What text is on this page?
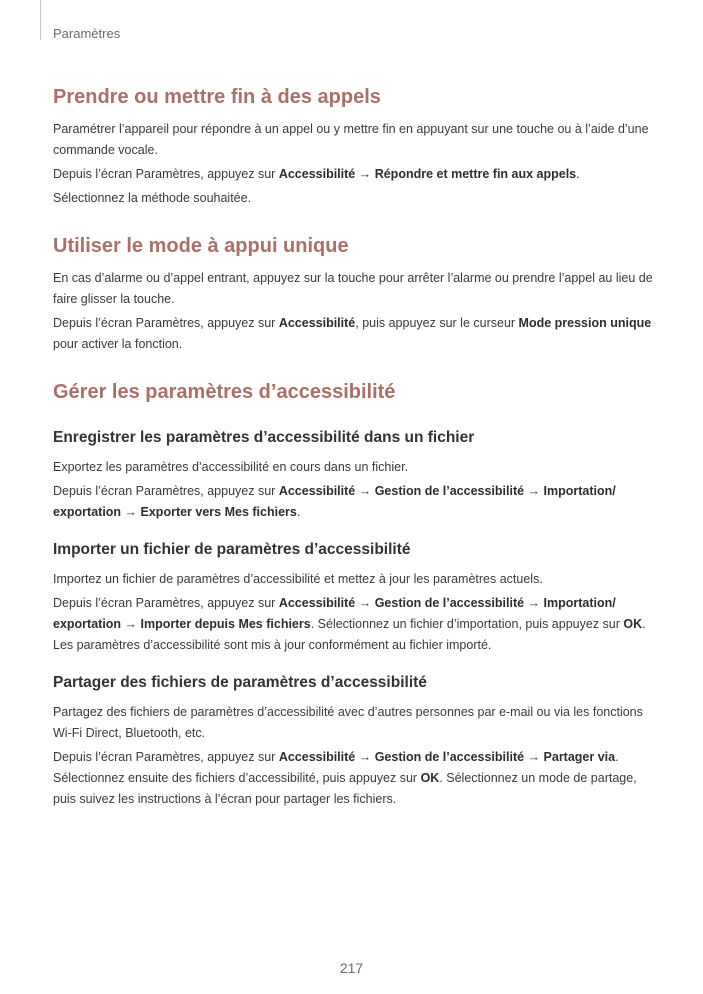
Paramètres
Prendre ou mettre fin à des appels

Paramétrer l’appareil pour répondre à un appel ou y mettre fin en appuyant sur une touche ou à l’aide d’une commande vocale.

Depuis l’écran Paramètres, appuyez sur Accessibilité → Répondre et mettre fin aux appels.

Sélectionnez la méthode souhaitée.

Utiliser le mode à appui unique

En cas d’alarme ou d’appel entrant, appuyez sur la touche pour arrêter l’alarme ou prendre l’appel au lieu de faire glisser la touche.

Depuis l’écran Paramètres, appuyez sur Accessibilité, puis appuyez sur le curseur Mode pression unique pour activer la fonction.

Gérer les paramètres d’accessibilité
Enregistrer les paramètres d’accessibilité dans un fichier

Exportez les paramètres d’accessibilité en cours dans un fichier.

Depuis l’écran Paramètres, appuyez sur Accessibilité → Gestion de l’accessibilité → Importation/ exportation → Exporter vers Mes fichiers.

Importer un fichier de paramètres d’accessibilité

Importez un fichier de paramètres d’accessibilité et mettez à jour les paramètres actuels.

Depuis l’écran Paramètres, appuyez sur Accessibilité → Gestion de l’accessibilité → Importation/ exportation → Importer depuis Mes fichiers. Sélectionnez un fichier d’importation, puis appuyez sur OK. Les paramètres d’accessibilité sont mis à jour conformément au fichier importé.

Partager des fichiers de paramètres d’accessibilité

Partagez des fichiers de paramètres d’accessibilité avec d’autres personnes par e-mail ou via les fonctions Wi-Fi Direct, Bluetooth, etc.

Depuis l’écran Paramètres, appuyez sur Accessibilité → Gestion de l’accessibilité → Partager via. Sélectionnez ensuite des fichiers d’accessibilité, puis appuyez sur OK. Sélectionnez un mode de partage, puis suivez les instructions à l’écran pour partager les fichiers.

217
